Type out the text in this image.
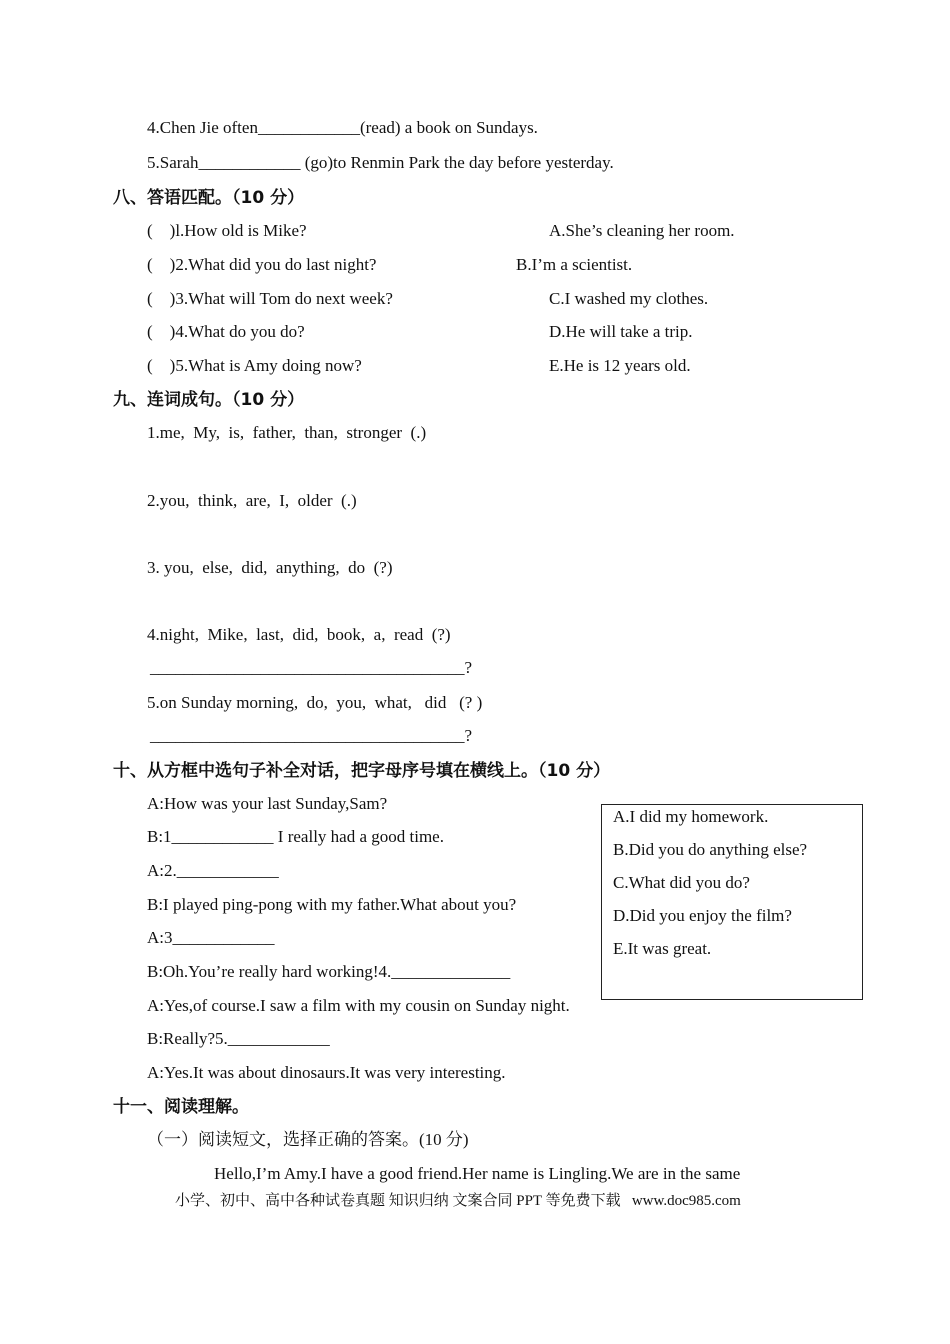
4.Chen Jie often____________(read) a book on Sundays.
5.Sarah____________ (go)to Renmin Park the day before yesterday.
八、答语匹配。（10 分）
(    )l.How old is Mike?
(    )2.What did you do last night?
(    )3.What will Tom do next week?
(    )4.What do you do?
(    )5.What is Amy doing now?
A.She’s cleaning her room.
B.I’m a scientist.
C.I washed my clothes.
D.He will take a trip.
E.He is 12 years old.
九、连词成句。（10 分）
1.me,  My,  is,  father,  than,  stronger  (.)
2.you,  think,  are,  I,  older  (.)
3. you,  else,  did,  anything,  do  (?)
4.night,  Mike,  last,  did,  book,  a,  read  (?)
_____________________________________?
5.on Sunday morning,  do,  you,  what,   did   (? )
_____________________________________?
十、从方框中选句子补全对话，把字母序号填在横线上。（10 分）
A:How was your last Sunday,Sam?
B:1____________ I really had a good time.
A:2.____________
B:I played ping-pong with my father.What about you?
A:3____________
B:Oh.You’re really hard working!4.______________
A:Yes,of course.I saw a film with my cousin on Sunday night.
B:Really?5.____________
A:Yes.It was about dinosaurs.It was very interesting.
A.I did my homework.
B.Did you do anything else?
C.What did you do?
D.Did you enjoy the film?
E.It was great.
十一、阅读理解。
（一）阅读短文，选择正确的答案。(10 分)
Hello,I’m Amy.I have a good friend.Her name is Lingling.We are in the same
小学、初中、高中各种试卷真题 知识归纳 文案合同 PPT 等免费下载   www.doc985.com
